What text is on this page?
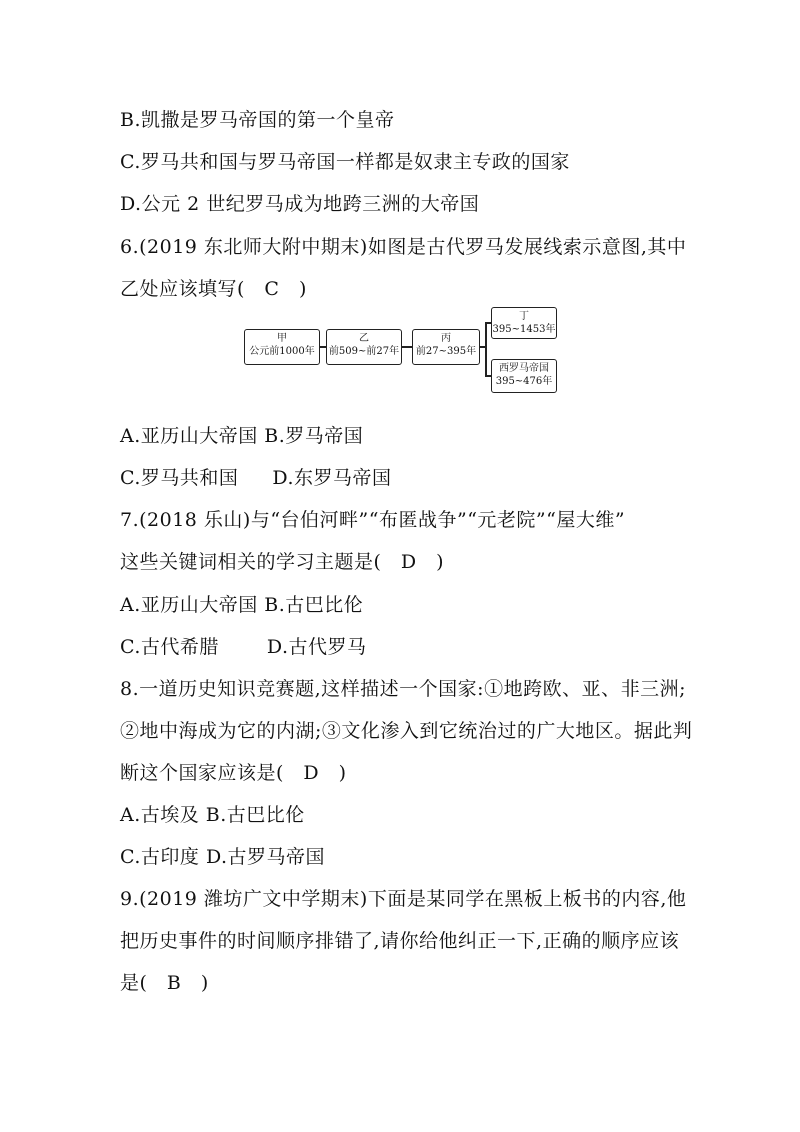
B.凯撒是罗马帝国的第一个皇帝
C.罗马共和国与罗马帝国一样都是奴隶主专政的国家
D.公元 2 世纪罗马成为地跨三洲的大帝国
6.(2019 东北师大附中期末)如图是古代罗马发展线索示意图,其中
乙处应该填写(　C　)
甲
公元前1000年
乙
前509~前27年
丙
前27~395年
丁
395~1453年
西罗马帝国
395~476年
A.亚历山大帝国 B.罗马帝国
C.罗马共和国 D.东罗马帝国
7.(2018 乐山)与“台伯河畔”“布匿战争”“元老院”“屋大维”
这些关键词相关的学习主题是(　D　)
A.亚历山大帝国 B.古巴比伦
C.古代希腊	D.古代罗马
8.一道历史知识竞赛题,这样描述一个国家:①地跨欧、亚、非三洲;
②地中海成为它的内湖;③文化渗入到它统治过的广大地区。据此判
断这个国家应该是(　D　)
A.古埃及 B.古巴比伦
C.古印度 D.古罗马帝国
9.(2019 潍坊广文中学期末)下面是某同学在黑板上板书的内容,他
把历史事件的时间顺序排错了,请你给他纠正一下,正确的顺序应该
是(　B　)
